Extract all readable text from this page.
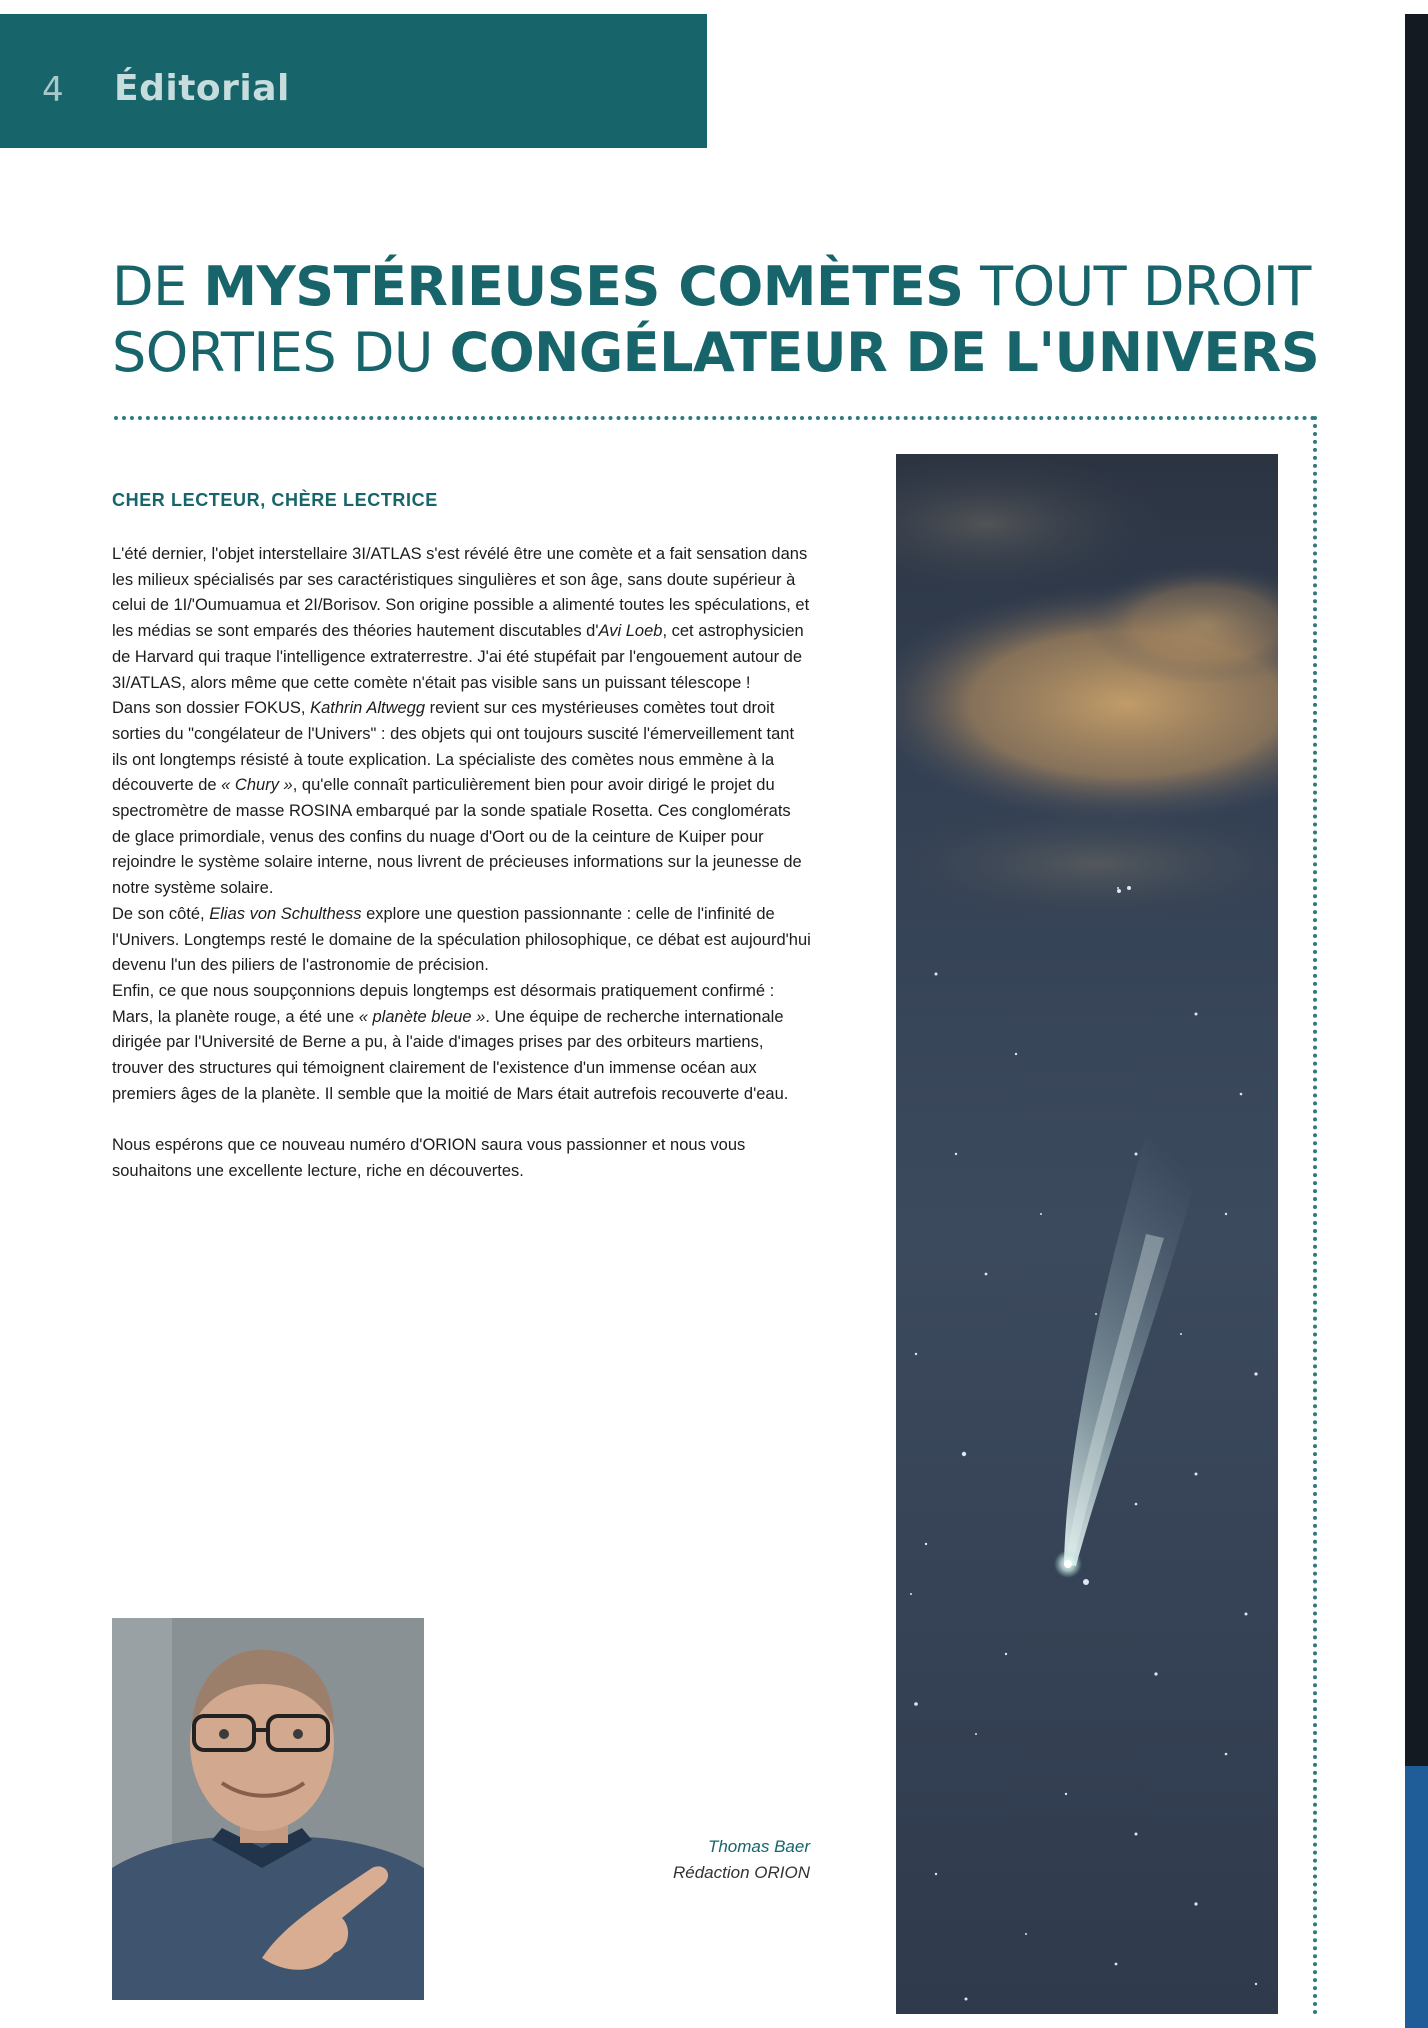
4 Éditorial
DE MYSTÉRIEUSES COMÈTES TOUT DROIT
SORTIES DU CONGÉLATEUR DE L'UNIVERS
CHER LECTEUR, CHÈRE LECTRICE

L'été dernier, l'objet interstellaire 3I/ATLAS s'est révélé être une comète et a fait sensation dans les milieux spécialisés par ses caractéristiques singulières et son âge, sans doute supérieur à celui de 1I/'Oumuamua et 2I/Borisov. Son origine possible a alimenté toutes les spéculations, et les médias se sont emparés des théories hautement discutables d'Avi Loeb, cet astrophysicien de Harvard qui traque l'intelligence extraterrestre. J'ai été stupéfait par l'engouement autour de 3I/ATLAS, alors même que cette comète n'était pas visible sans un puissant télescope !

Dans son dossier FOKUS, Kathrin Altwegg revient sur ces mystérieuses comètes tout droit sorties du "congélateur de l'Univers" : des objets qui ont toujours suscité l'émerveillement tant ils ont longtemps résisté à toute explication. La spécialiste des comètes nous emmène à la découverte de « Chury », qu'elle connaît particulièrement bien pour avoir dirigé le projet du spectromètre de masse ROSINA embarqué par la sonde spatiale Rosetta. Ces conglomérats de glace primordiale, venus des confins du nuage d'Oort ou de la ceinture de Kuiper pour rejoindre le système solaire interne, nous livrent de précieuses informations sur la jeunesse de notre système solaire.

De son côté, Elias von Schulthess explore une question passionnante : celle de l'infinité de l'Univers. Longtemps resté le domaine de la spéculation philosophique, ce débat est aujourd'hui devenu l'un des piliers de l'astronomie de précision.

Enfin, ce que nous soupçonnions depuis longtemps est désormais pratiquement confirmé : Mars, la planète rouge, a été une « planète bleue ». Une équipe de recherche internationale dirigée par l'Université de Berne a pu, à l'aide d'images prises par des orbiteurs martiens, trouver des structures qui témoignent clairement de l'existence d'un immense océan aux premiers âges de la planète. Il semble que la moitié de Mars était autrefois recouverte d'eau.

Nous espérons que ce nouveau numéro d'ORION saura vous passionner et nous vous souhaitons une excellente lecture, riche en découvertes.

Thomas Baer
Rédaction ORION
